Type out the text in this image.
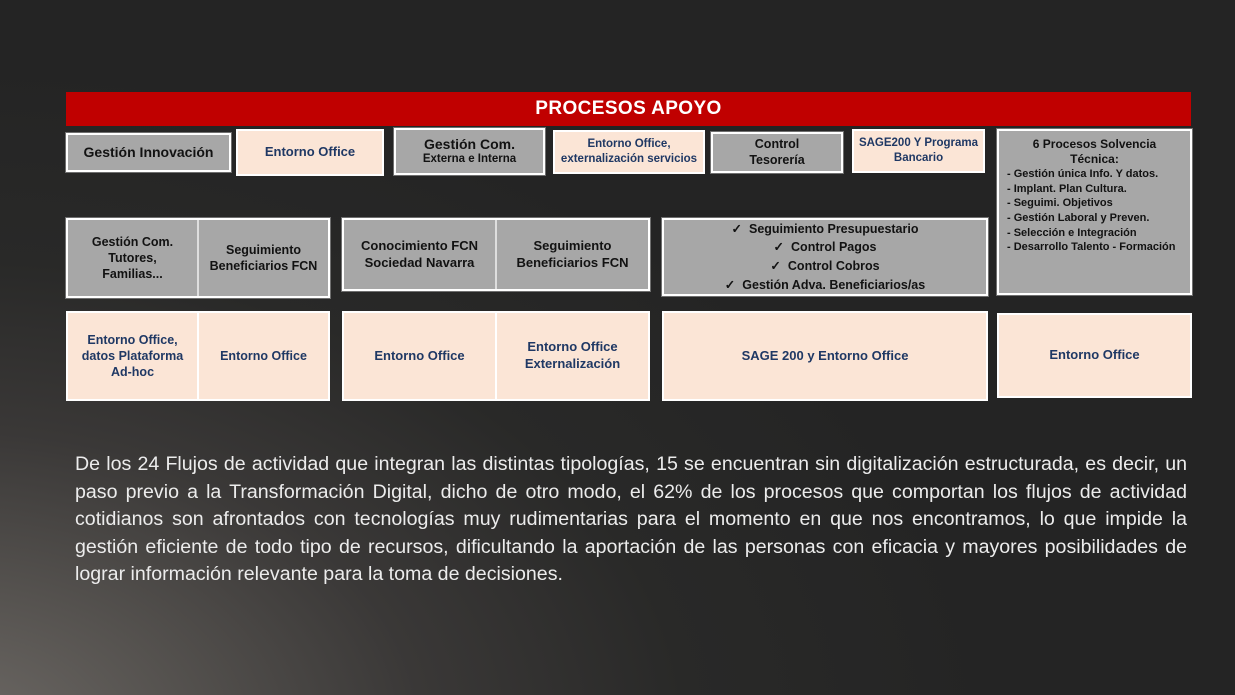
PROCESOS APOYO
Gestión Innovación	Entorno Office	Gestión Com.
Externa e Interna
Entorno Office,
externalización servicios
Control
Tesorería
SAGE200 Y Programa
Bancario
6 Procesos Solvencia
Técnica:
- Gestión única Info. Y datos.
- Implant. Plan Cultura.
- Seguimi. Objetivos
- Gestión Laboral y Preven.
- Selección e Integración
- Desarrollo Talento - Formación
Gestión Com. Tutores, Familias...
Seguimiento Beneficiarios FCN
Conocimiento FCN Sociedad Navarra
Seguimiento Beneficiarios FCN
✓ Seguimiento Presupuestario
✓ Control Pagos
✓ Control Cobros
✓ Gestión Adva. Beneficiarios/as
Entorno Office, datos Plataforma Ad-hoc
Entorno Office	Entorno Office
Entorno Office Externalización
SAGE 200 y Entorno Office	Entorno Office
De los 24 Flujos de actividad que integran las distintas tipologías, 15 se encuentran sin digitalización estructurada, es decir, un paso previo a la Transformación Digital, dicho de otro modo, el 62% de los procesos que comportan los flujos de actividad cotidianos son afrontados con tecnologías muy rudimentarias para el momento en que nos encontramos, lo que impide la gestión eficiente de todo tipo de recursos, dificultando la aportación de las personas con eficacia y mayores posibilidades de lograr información relevante para la toma de decisiones.
